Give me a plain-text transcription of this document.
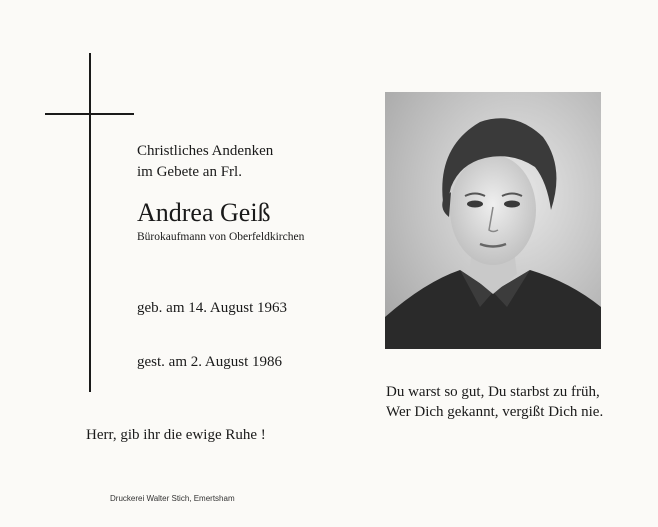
Christliches Andenken
im Gebete an Frl.
Andrea Geiß
Bürokaufmann von Oberfeldkirchen
geb. am 14. August 1963
gest. am 2. August 1986
Herr, gib ihr die ewige Ruhe !
Druckerei Walter Stich, Emertsham
Du warst so gut, Du starbst zu früh,
Wer Dich gekannt, vergißt Dich nie.
